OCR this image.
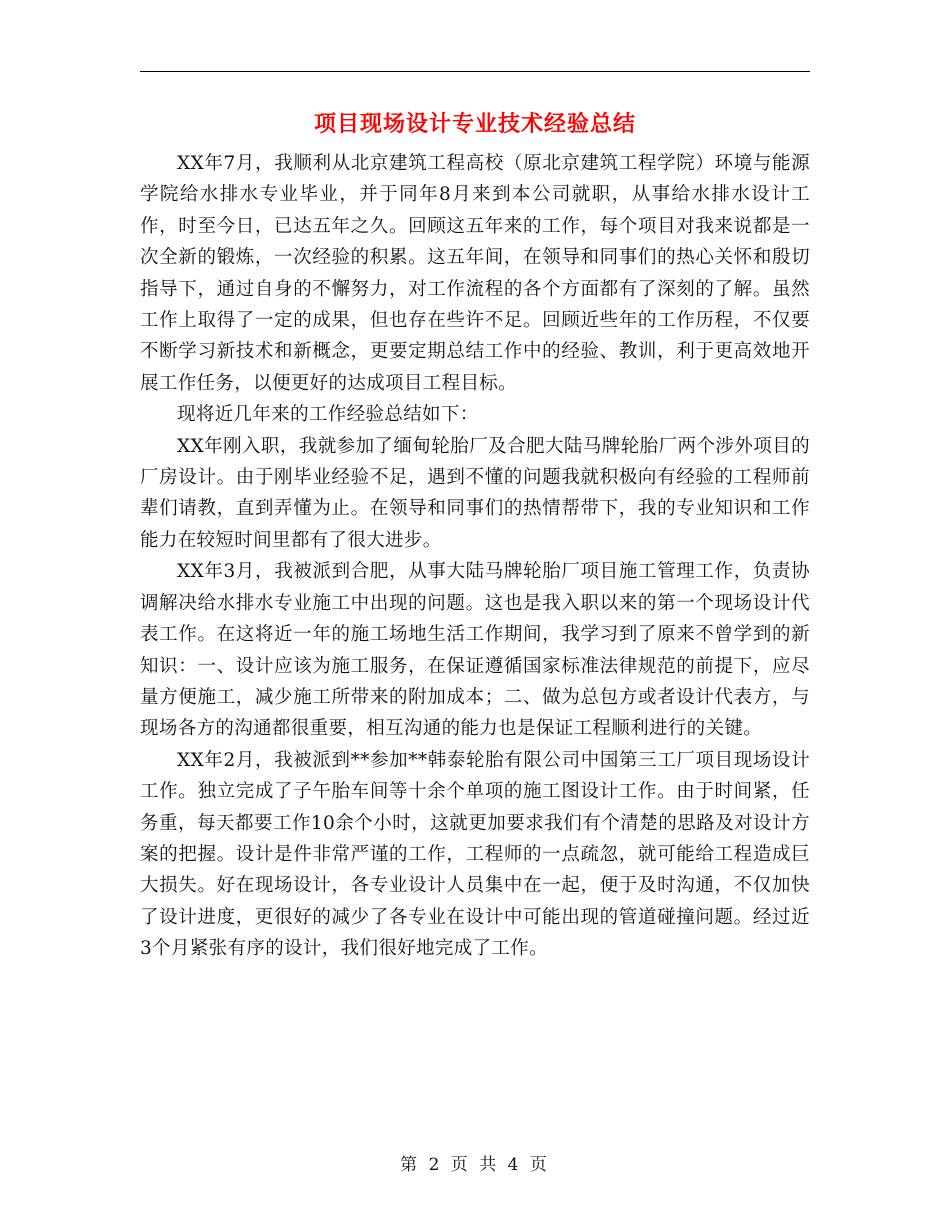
项目现场设计专业技术经验总结

XX年7月，我顺利从北京建筑工程高校（原北京建筑工程学院）环境与能源学院给水排水专业毕业，并于同年8月来到本公司就职，从事给水排水设计工作，时至今日，已达五年之久。回顾这五年来的工作，每个项目对我来说都是一次全新的锻炼，一次经验的积累。这五年间，在领导和同事们的热心关怀和殷切指导下，通过自身的不懈努力，对工作流程的各个方面都有了深刻的了解。虽然工作上取得了一定的成果，但也存在些许不足。回顾近些年的工作历程，不仅要不断学习新技术和新概念，更要定期总结工作中的经验、教训，利于更高效地开展工作任务，以便更好的达成项目工程目标。

现将近几年来的工作经验总结如下：

XX年刚入职，我就参加了缅甸轮胎厂及合肥大陆马牌轮胎厂两个涉外项目的厂房设计。由于刚毕业经验不足，遇到不懂的问题我就积极向有经验的工程师前辈们请教，直到弄懂为止。在领导和同事们的热情帮带下，我的专业知识和工作能力在较短时间里都有了很大进步。

XX年3月，我被派到合肥，从事大陆马牌轮胎厂项目施工管理工作，负责协调解决给水排水专业施工中出现的问题。这也是我入职以来的第一个现场设计代表工作。在这将近一年的施工场地生活工作期间，我学习到了原来不曾学到的新知识：一、设计应该为施工服务，在保证遵循国家标准法律规范的前提下，应尽量方便施工，减少施工所带来的附加成本；二、做为总包方或者设计代表方，与现场各方的沟通都很重要，相互沟通的能力也是保证工程顺利进行的关键。

XX年2月，我被派到**参加**韩泰轮胎有限公司中国第三工厂项目现场设计工作。独立完成了子午胎车间等十余个单项的施工图设计工作。由于时间紧，任务重，每天都要工作10余个小时，这就更加要求我们有个清楚的思路及对设计方案的把握。设计是件非常严谨的工作，工程师的一点疏忽，就可能给工程造成巨大损失。好在现场设计，各专业设计人员集中在一起，便于及时沟通，不仅加快了设计进度，更很好的减少了各专业在设计中可能出现的管道碰撞问题。经过近3个月紧张有序的设计，我们很好地完成了工作。

第 2 页 共 4 页
